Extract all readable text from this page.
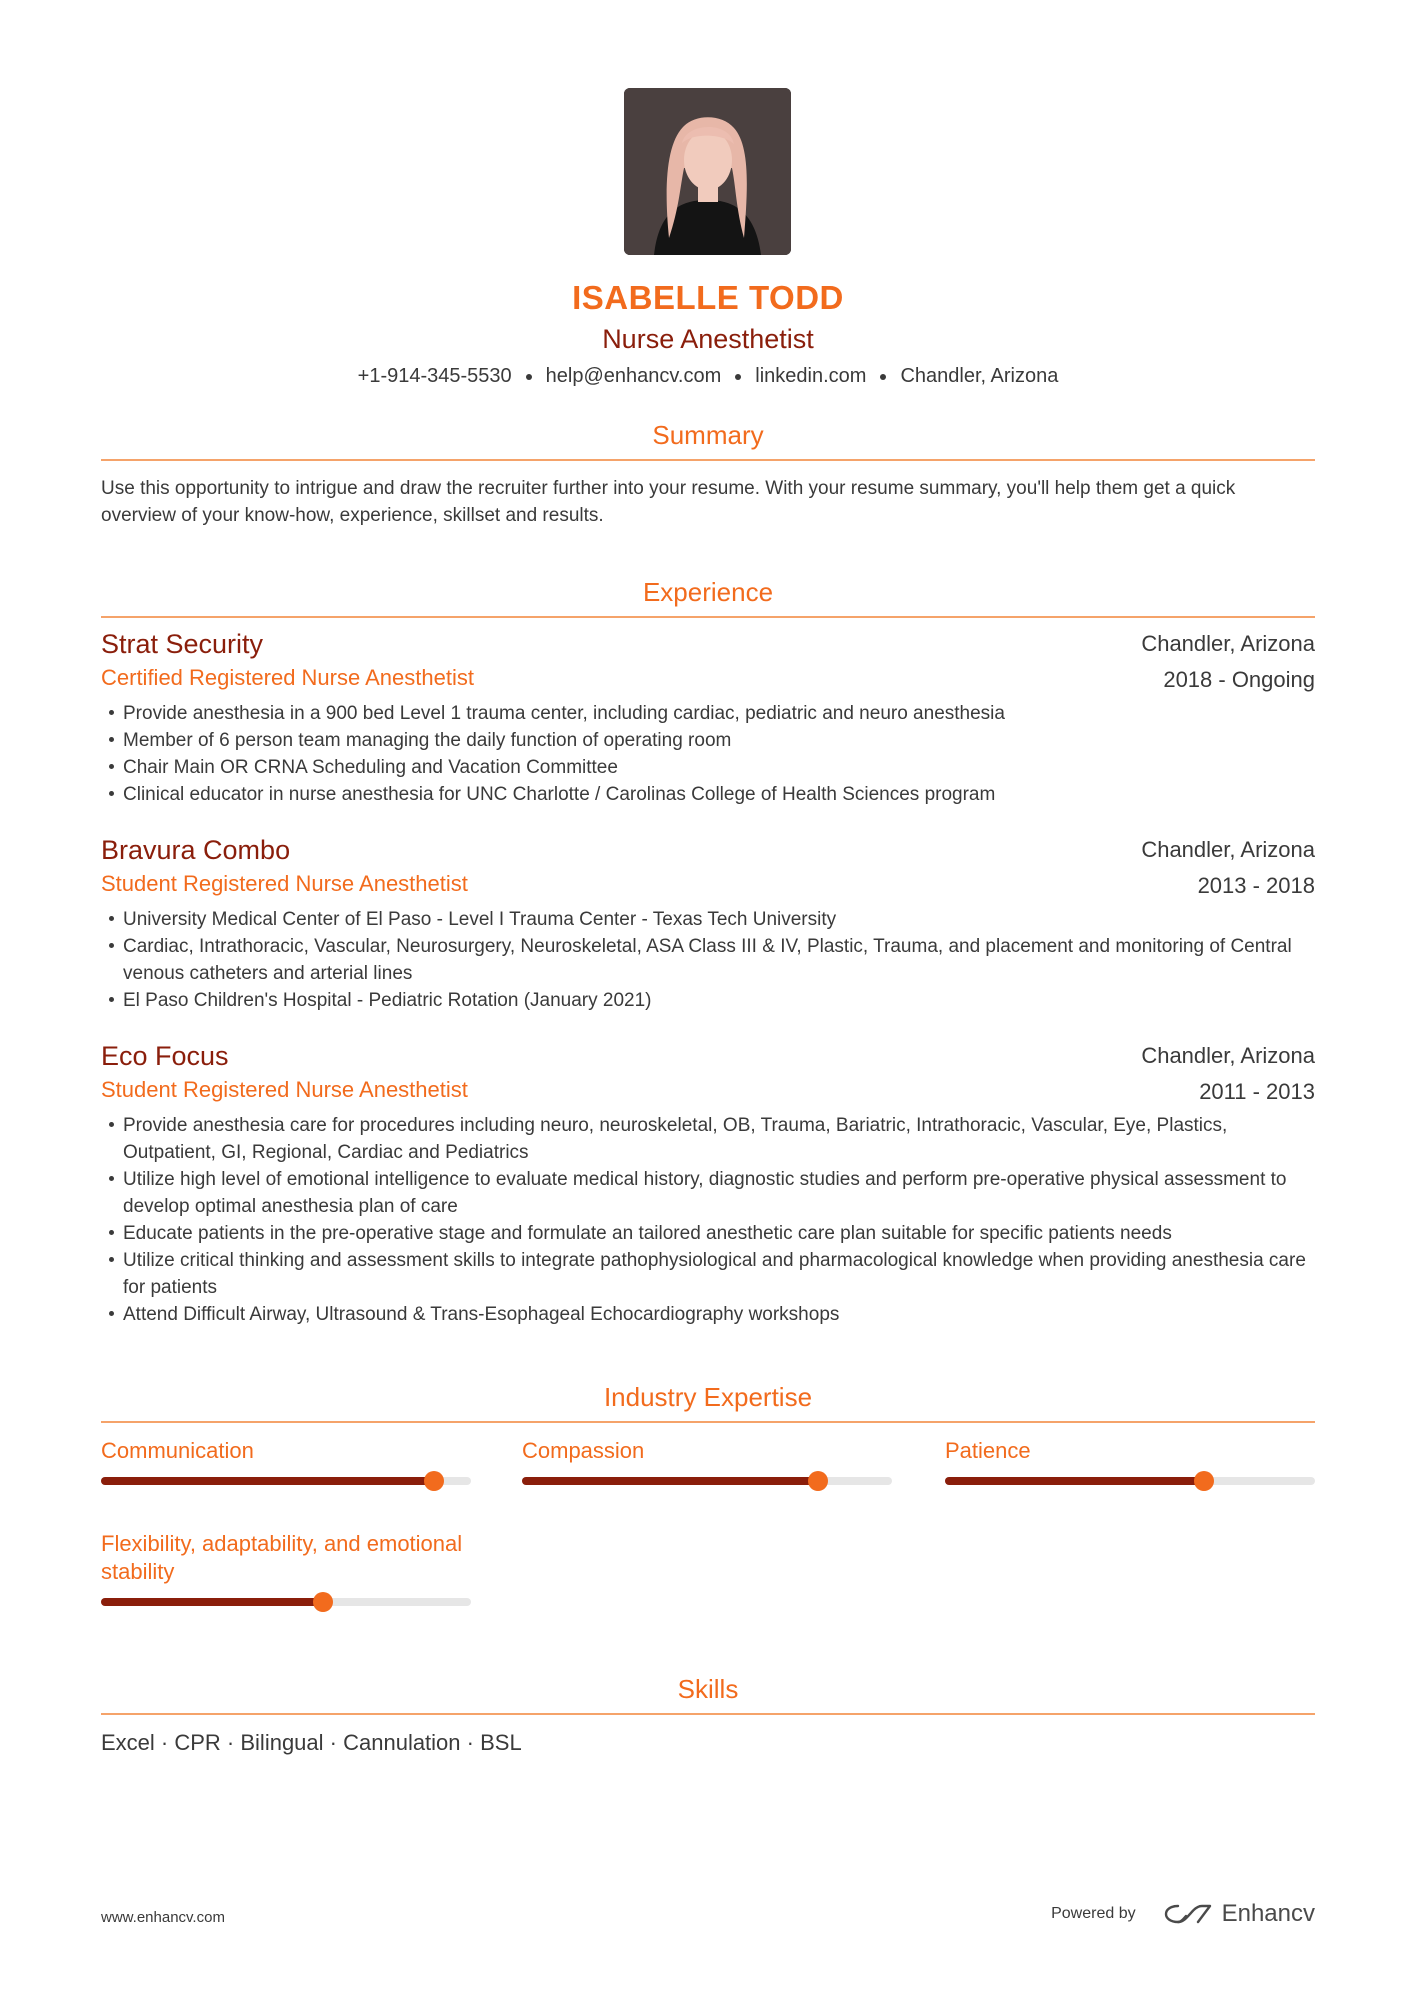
ISABELLE TODD
Nurse Anesthetist
+1-914-345-5530 help@enhancv.com linkedin.com Chandler, Arizona
Summary
Use this opportunity to intrigue and draw the recruiter further into your resume. With your resume summary, you'll help them get a quick overview of your know-how, experience, skillset and results.
Experience
Strat Security
Certified Registered Nurse Anesthetist
Chandler, Arizona
2018 - Ongoing
Provide anesthesia in a 900 bed Level 1 trauma center, including cardiac, pediatric and neuro anesthesia
Member of 6 person team managing the daily function of operating room
Chair Main OR CRNA Scheduling and Vacation Committee
Clinical educator in nurse anesthesia for UNC Charlotte / Carolinas College of Health Sciences program
Bravura Combo
Student Registered Nurse Anesthetist
Chandler, Arizona
2013 - 2018
University Medical Center of El Paso - Level I Trauma Center - Texas Tech University
Cardiac, Intrathoracic, Vascular, Neurosurgery, Neuroskeletal, ASA Class III & IV, Plastic, Trauma, and placement and monitoring of Central venous catheters and arterial lines
El Paso Children's Hospital - Pediatric Rotation (January 2021)
Eco Focus
Student Registered Nurse Anesthetist
Chandler, Arizona
2011 - 2013
Provide anesthesia care for procedures including neuro, neuroskeletal, OB, Trauma, Bariatric, Intrathoracic, Vascular, Eye, Plastics, Outpatient, GI, Regional, Cardiac and Pediatrics
Utilize high level of emotional intelligence to evaluate medical history, diagnostic studies and perform pre-operative physical assessment to develop optimal anesthesia plan of care
Educate patients in the pre-operative stage and formulate an tailored anesthetic care plan suitable for specific patients needs
Utilize critical thinking and assessment skills to integrate pathophysiological and pharmacological knowledge when providing anesthesia care for patients
Attend Difficult Airway, Ultrasound & Trans-Esophageal Echocardiography workshops
Industry Expertise
Communication	Compassion	Patience
Flexibility, adaptability, and emotional stability
Skills
Excel · CPR · Bilingual · Cannulation · BSL
www.enhancv.com	Powered by	Enhancv
